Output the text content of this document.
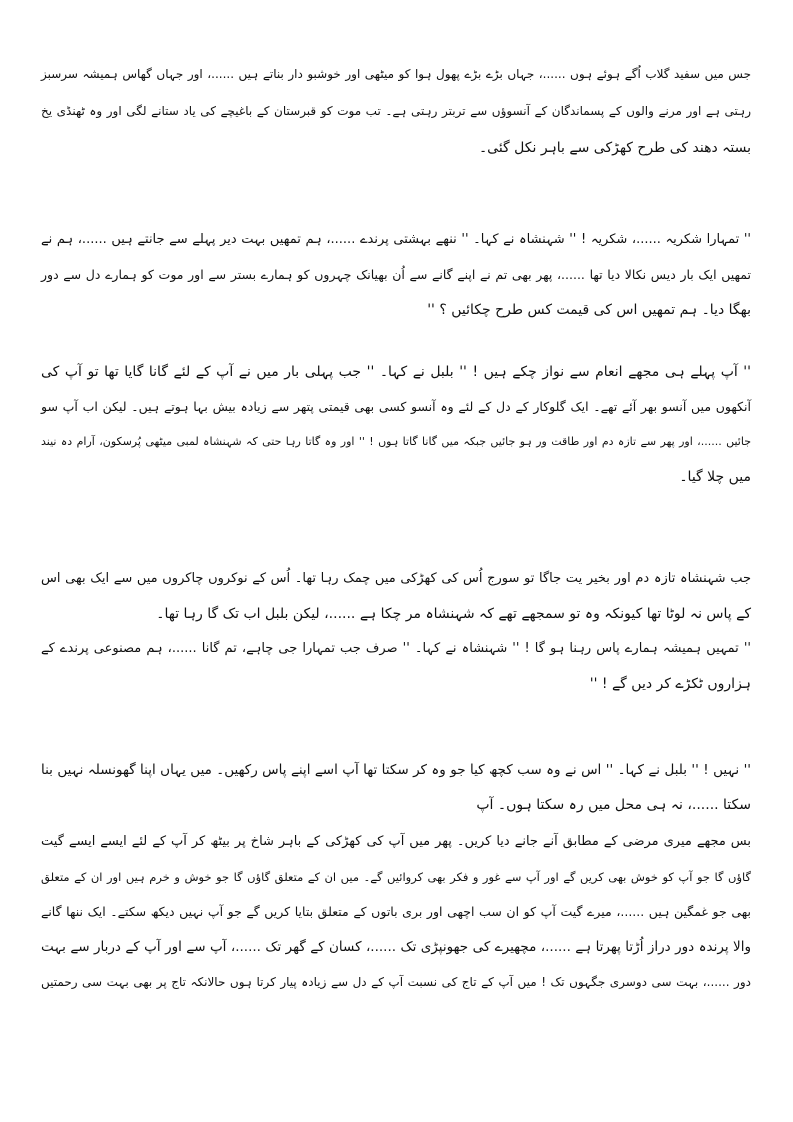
جس میں سفید گلاب اُگے ہوئے ہوں ......، جہاں بڑے بڑے پھول ہوا کو میٹھی اور خوشبو دار بناتے ہیں ......، اور جہاں گھاس ہمیشہ سرسبز
رہتی ہے اور مرنے والوں کے پسماندگان کے آنسوؤں سے تربتر رہتی ہے۔ تب موت کو قبرستان کے باغیچے کی یاد ستانے لگی اور وہ ٹھنڈی یخ
بستہ دھند کی طرح کھڑکی سے باہر نکل گئی۔
'' تمہارا شکریہ ......، شکریہ ! '' شہنشاہ نے کہا۔ '' ننھے بہشتی پرندے ......، ہم تمھیں بہت دیر پہلے سے جانتے ہیں ......، ہم نے
تمھیں ایک بار دیس نکالا دیا تھا ......، پھر بھی تم نے اپنے گانے سے اُن بھیانک چہروں کو ہمارے بستر سے اور موت کو ہمارے دل سے دور
بھگا دیا۔ ہم تمھیں اس کی قیمت کس طرح چکائیں ؟ ''
'' آپ پہلے ہی مجھے انعام سے نواز چکے ہیں ! '' بلبل نے کہا۔ '' جب پہلی بار میں نے آپ کے لئے گانا گایا تھا تو آپ کی
آنکھوں میں آنسو بھر آئے تھے۔ ایک گلوکار کے دل کے لئے وہ آنسو کسی بھی قیمتی پتھر سے زیادہ بیش بہا ہوتے ہیں۔ لیکن اب آپ سو
جائیں ......، اور پھر سے تازہ دم اور طاقت ور ہو جائیں جبکہ میں گانا گاتا ہوں ! '' اور وہ گاتا رہا حتی کہ شہنشاہ لمبی میٹھی پُرسکون، آرام دہ نیند
میں چلا گیا۔
جب شہنشاہ تازہ دم اور بخیر یت جاگا تو سورج اُس کی کھڑکی میں چمک رہا تھا۔ اُس کے نوکروں چاکروں میں سے ایک بھی اس
کے پاس نہ لوٹا تھا کیونکہ وہ تو سمجھے تھے کہ شہنشاہ مر چکا ہے ......، لیکن بلبل اب تک گا رہا تھا۔
'' تمہیں ہمیشہ ہمارے پاس رہنا ہو گا ! '' شہنشاہ نے کہا۔ '' صرف جب تمہارا جی چاہے، تم گانا ......، ہم مصنوعی پرندے کے
ہزاروں ٹکڑے کر دیں گے ! ''
'' نہیں ! '' بلبل نے کہا۔ '' اس نے وہ سب کچھ کیا جو وہ کر سکتا تھا آپ اسے اپنے پاس رکھیں۔ میں یہاں اپنا گھونسلہ نہیں بنا
سکتا ......، نہ ہی محل میں رہ سکتا ہوں۔ آپ
بس مجھے میری مرضی کے مطابق آنے جانے دیا کریں۔ پھر میں آپ کی کھڑکی کے باہر شاخ پر بیٹھ کر آپ کے لئے ایسے ایسے گیت
گاؤں گا جو آپ کو خوش بھی کریں گے اور آپ سے غور و فکر بھی کروائیں گے۔ میں ان کے متعلق گاؤں گا جو خوش و خرم ہیں اور ان کے متعلق
بھی جو غمگین ہیں ......، میرے گیت آپ کو ان سب اچھی اور بری باتوں کے متعلق بتایا کریں گے جو آپ نہیں دیکھ سکتے۔ ایک ننھا گانے
والا پرندہ دور دراز اُڑتا پھرتا ہے ......، مچھیرے کی جھونپڑی تک ......، کسان کے گھر تک ......، آپ سے اور آپ کے دربار سے بہت
دور ......، بہت سی دوسری جگہوں تک ! میں آپ کے تاج کی نسبت آپ کے دل سے زیادہ پیار کرتا ہوں حالانکہ تاج پر بھی بہت سی رحمتیں
